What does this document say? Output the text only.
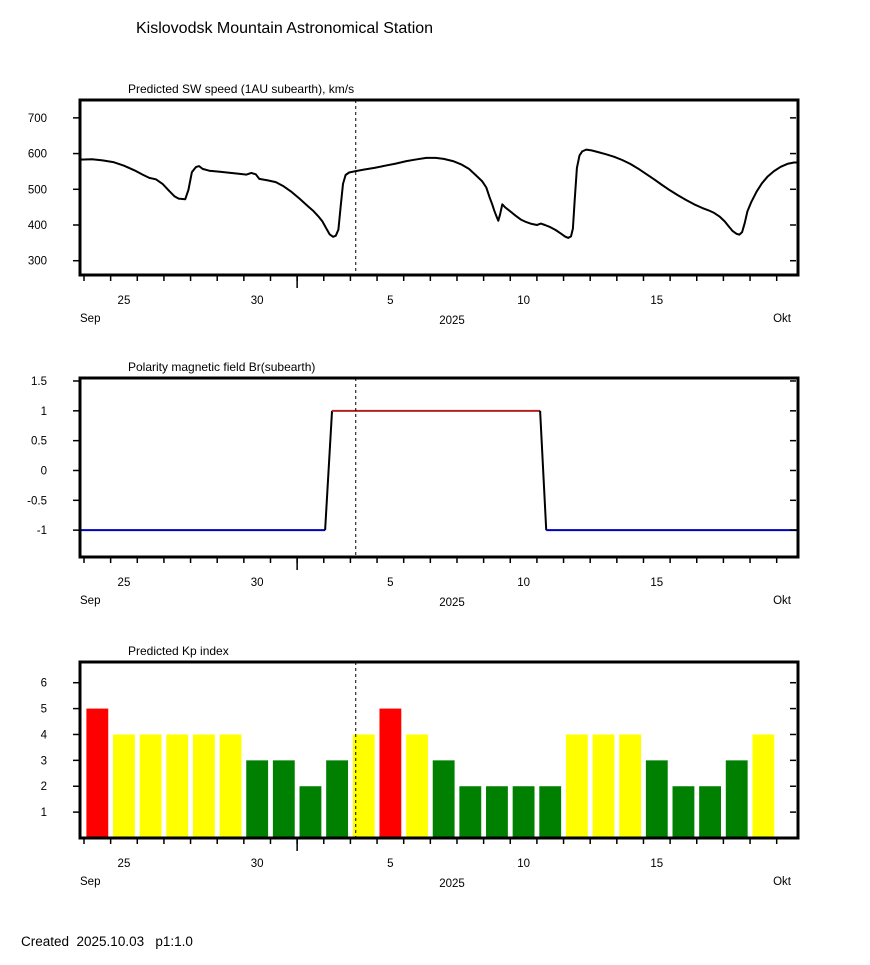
Kislovodsk Mountain Astronomical Station
700
600
500
400
300
25	30	5	10	15
Sep	2025	Okt
Predicted SW speed (1AU subearth), km/s
1.5
1
0.5
0
-0.5
-1
25	30	5	10	15
Sep	2025	Okt
Polarity magnetic field Br(subearth)
6
5
4
3
2
1
25	30	5	10	15
Sep	2025	Okt
Predicted Kp index
Created  2025.10.03   p1:1.0
